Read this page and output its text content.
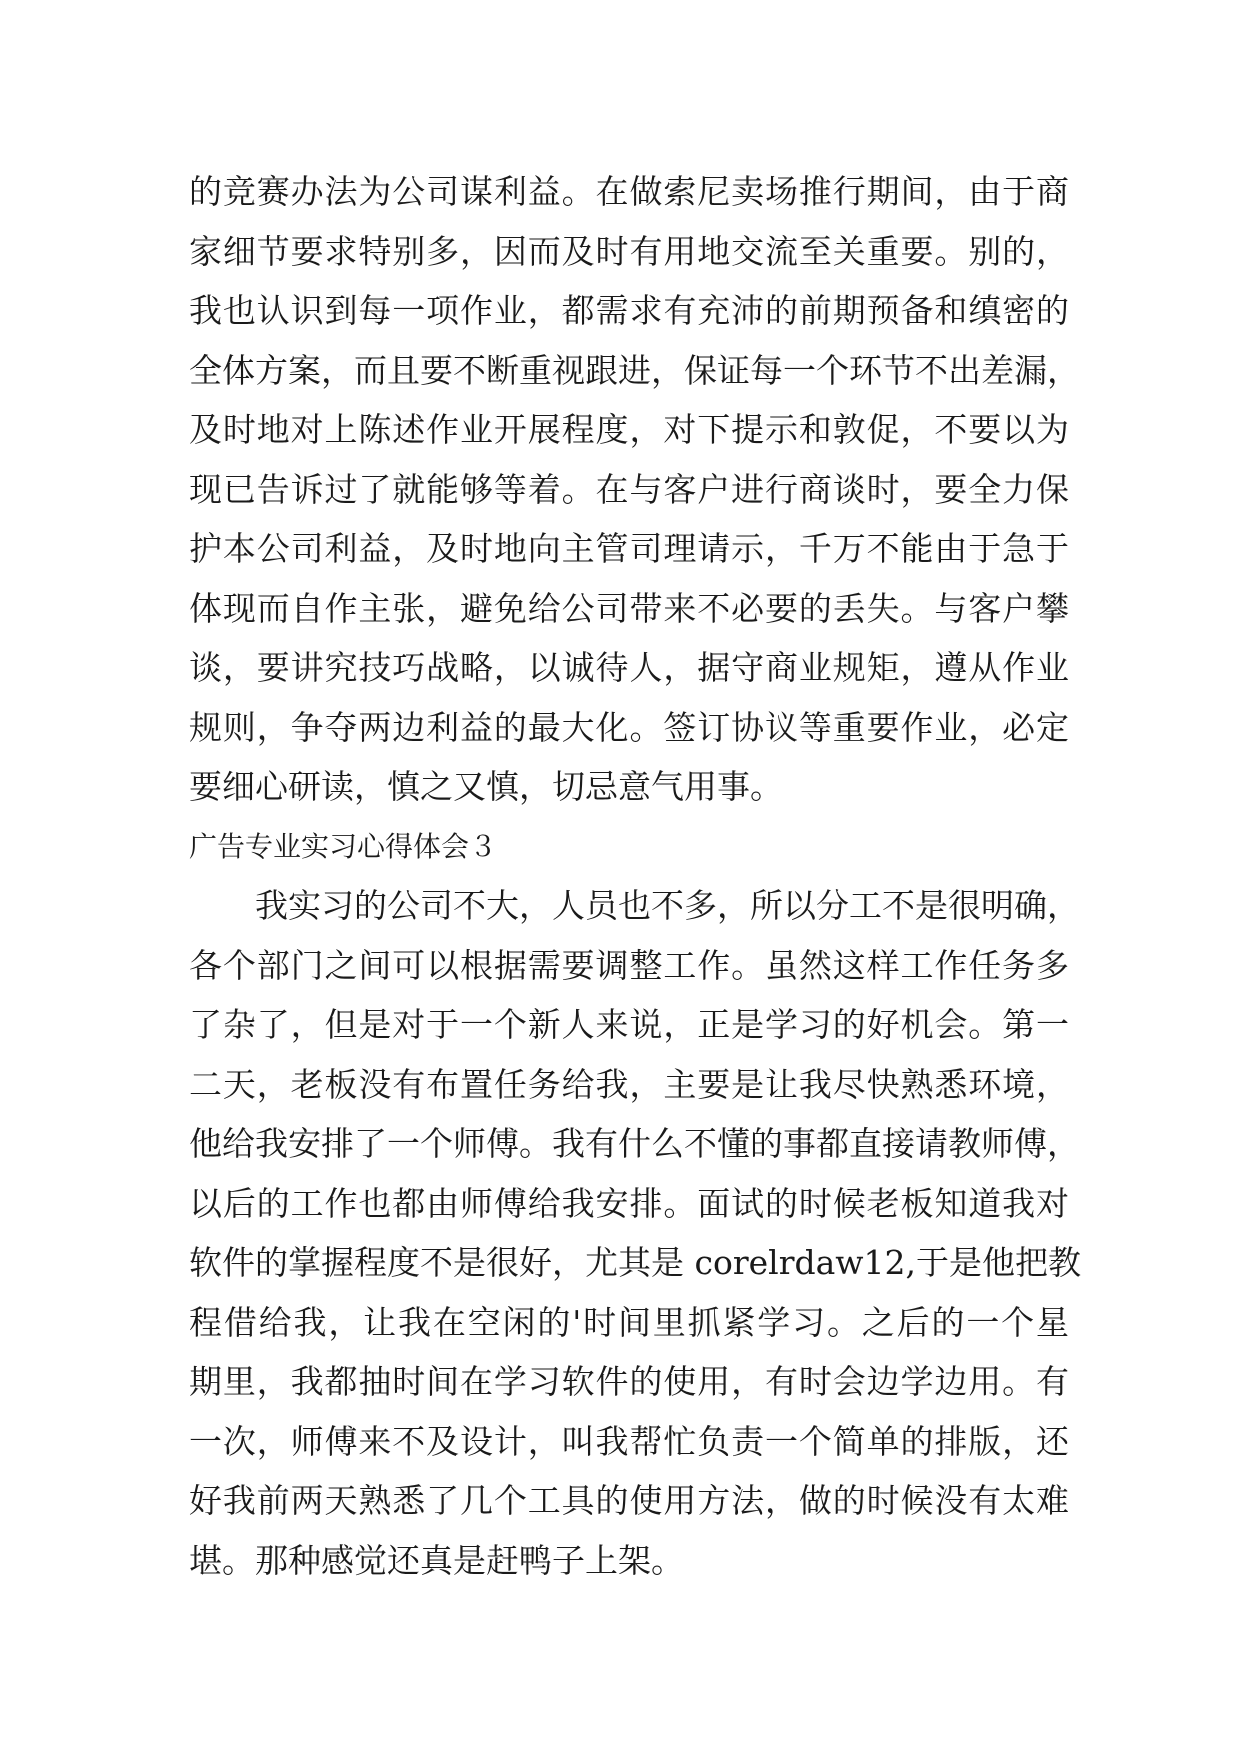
的竞赛办法为公司谋利益。在做索尼卖场推行期间，由于商
家细节要求特别多，因而及时有用地交流至关重要。别的，
我也认识到每一项作业，都需求有充沛的前期预备和缜密的
全体方案，而且要不断重视跟进，保证每一个环节不出差漏，
及时地对上陈述作业开展程度，对下提示和敦促，不要以为
现已告诉过了就能够等着。在与客户进行商谈时，要全力保
护本公司利益，及时地向主管司理请示，千万不能由于急于
体现而自作主张，避免给公司带来不必要的丢失。与客户攀
谈，要讲究技巧战略，以诚待人，据守商业规矩，遵从作业
规则，争夺两边利益的最大化。签订协议等重要作业，必定
要细心研读，慎之又慎，切忌意气用事。
广告专业实习心得体会３
我实习的公司不大，人员也不多，所以分工不是很明确，
各个部门之间可以根据需要调整工作。虽然这样工作任务多
了杂了，但是对于一个新人来说，正是学习的好机会。第一
二天，老板没有布置任务给我，主要是让我尽快熟悉环境，
他给我安排了一个师傅。我有什么不懂的事都直接请教师傅，
以后的工作也都由师傅给我安排。面试的时候老板知道我对
软件的掌握程度不是很好，尤其是 corelrdaw12,于是他把教
程借给我，让我在空闲的'时间里抓紧学习。之后的一个星
期里，我都抽时间在学习软件的使用，有时会边学边用。有
一次，师傅来不及设计，叫我帮忙负责一个简单的排版，还
好我前两天熟悉了几个工具的使用方法，做的时候没有太难
堪。那种感觉还真是赶鸭子上架。
